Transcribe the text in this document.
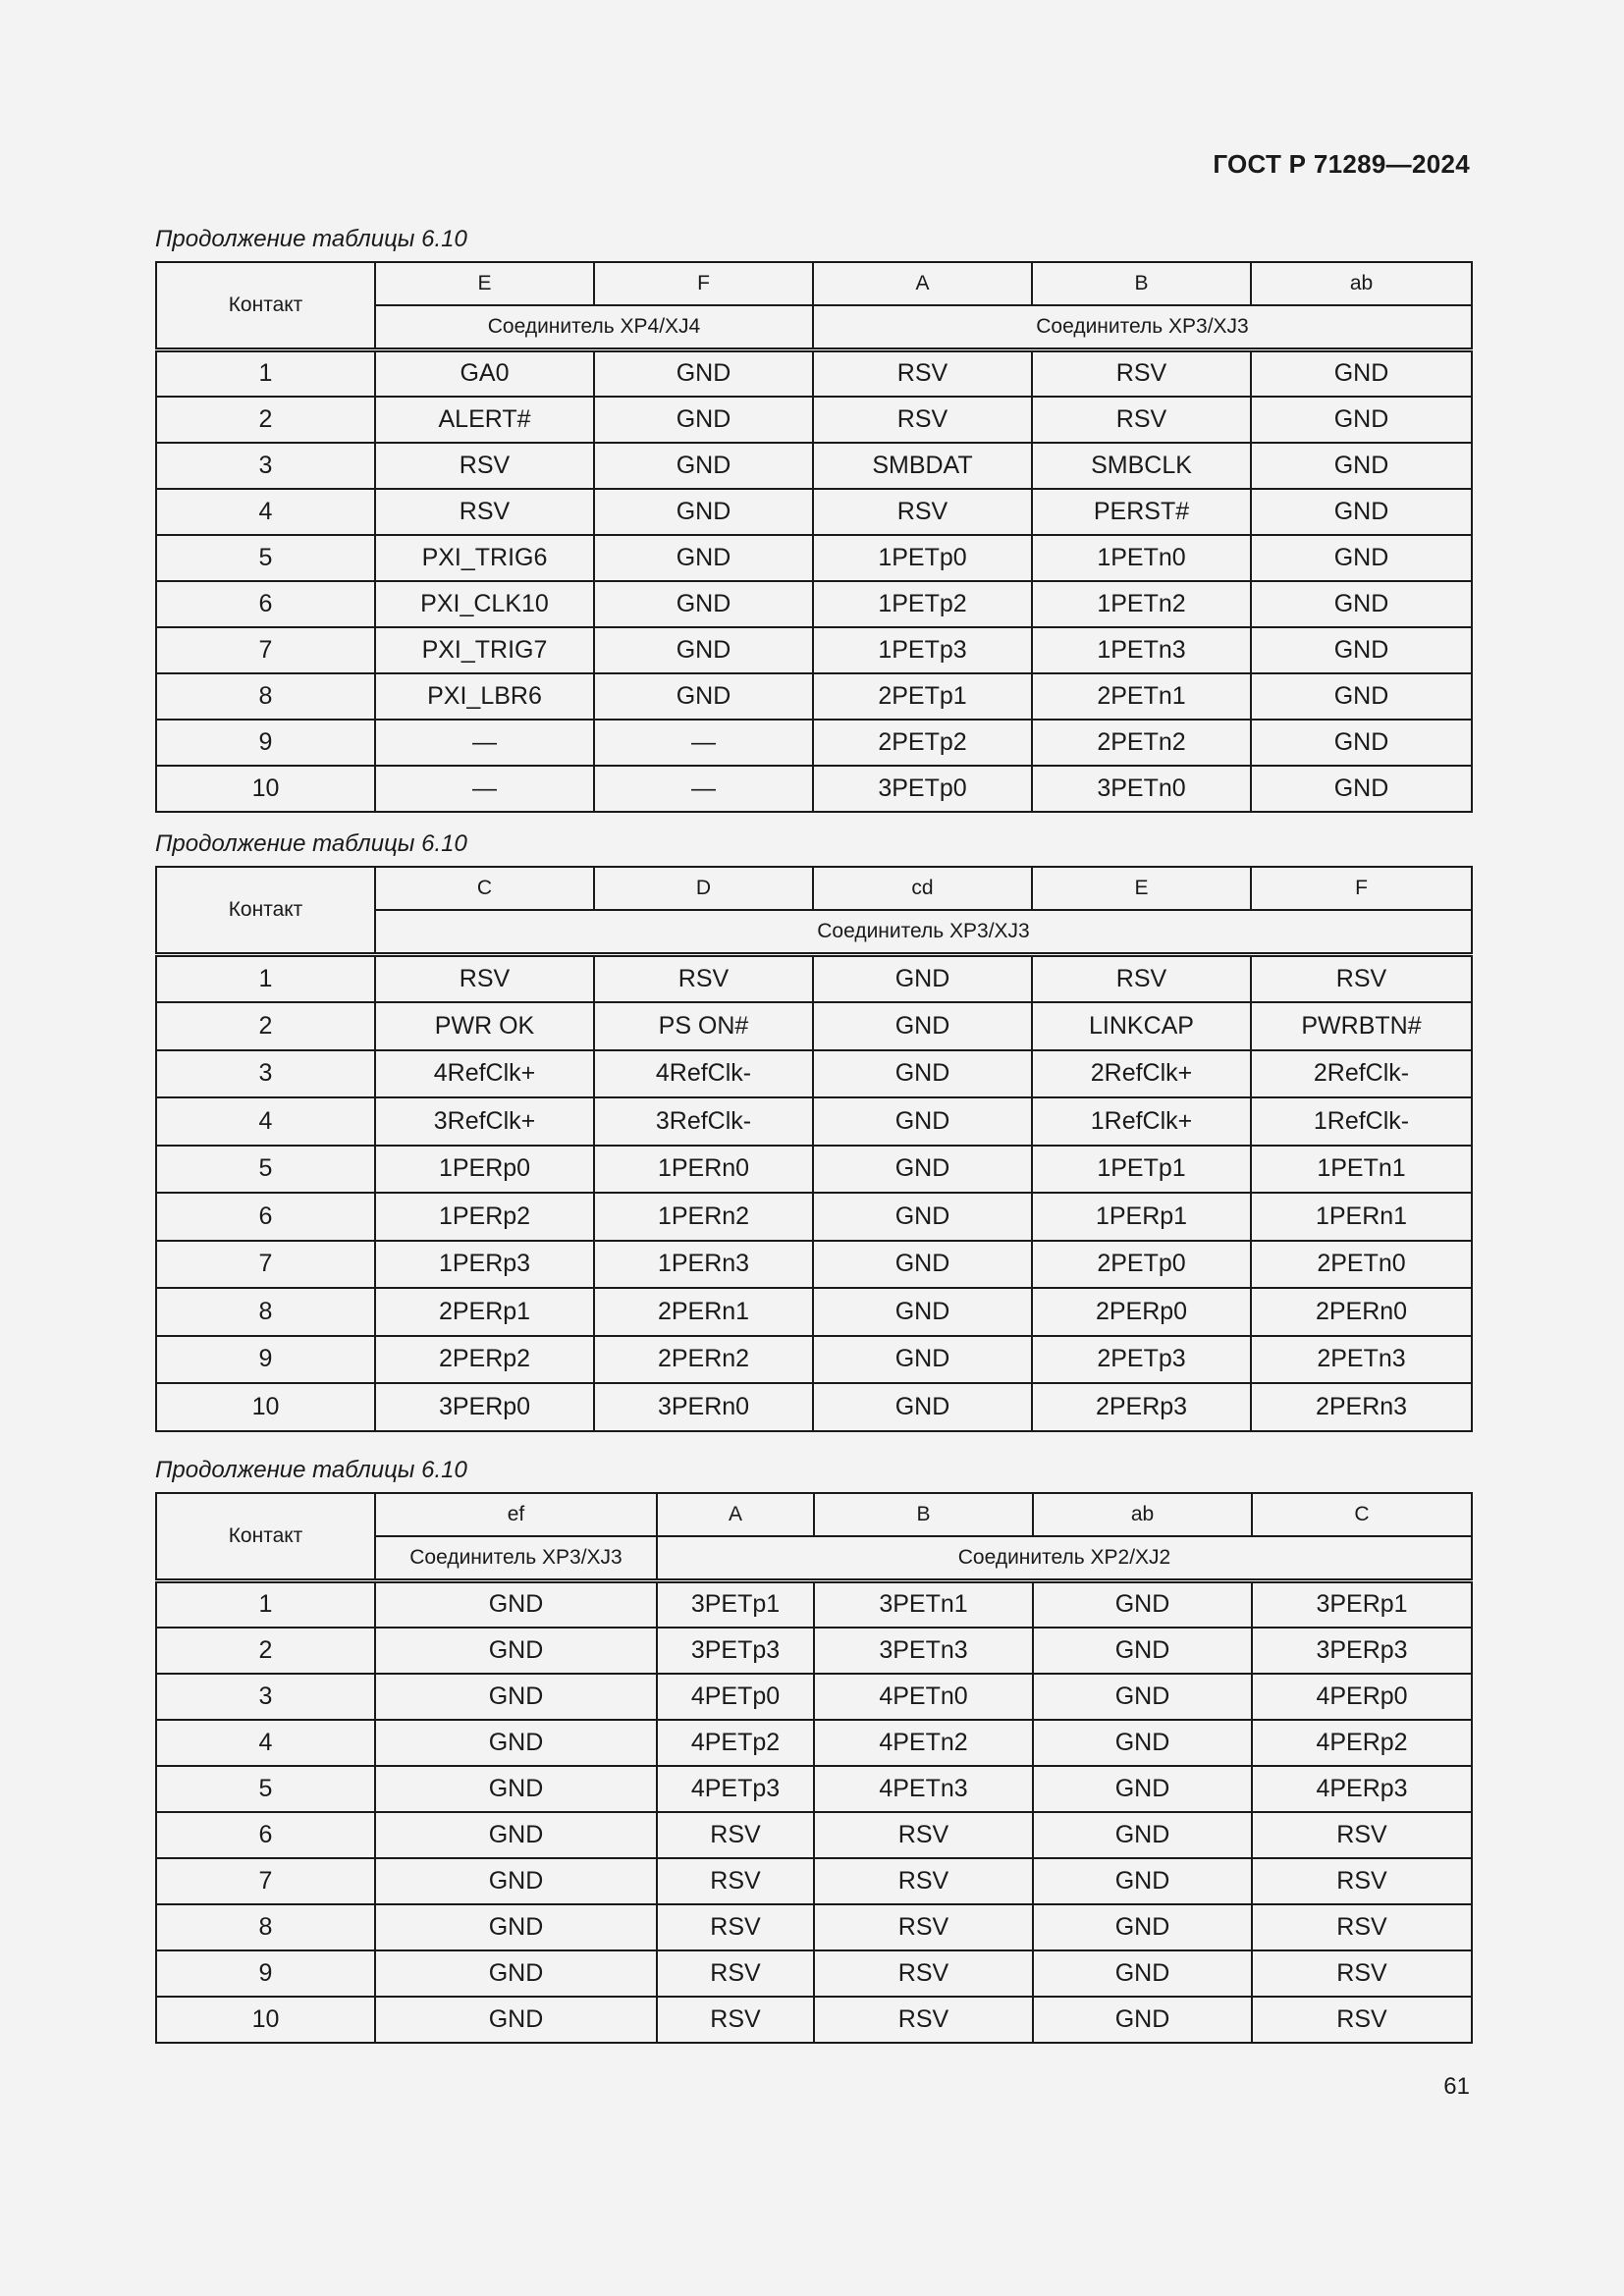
ГОСТ Р 71289—2024
Продолжение таблицы 6.10
Контакт	E	F	A	B	ab
	Соединитель XP4/XJ4		Соединитель XP3/XJ3		
1	GA0	GND	RSV	RSV	GND
2	ALERT#	GND	RSV	RSV	GND
3	RSV	GND	SMBDAT	SMBCLK	GND
4	RSV	GND	RSV	PERST#	GND
5	PXI_TRIG6	GND	1PETp0	1PETn0	GND
6	PXI_CLK10	GND	1PETp2	1PETn2	GND
7	PXI_TRIG7	GND	1PETp3	1PETn3	GND
8	PXI_LBR6	GND	2PETp1	2PETn1	GND
9	—	—	2PETp2	2PETn2	GND
10	—	—	3PETp0	3PETn0	GND
Продолжение таблицы 6.10
Контакт	C	D	cd	E	F
	Соединитель XP3/XJ3				
1	RSV	RSV	GND	RSV	RSV
2	PWR OK	PS ON#	GND	LINKCAP	PWRBTN#
3	4RefClk+	4RefClk-	GND	2RefClk+	2RefClk-
4	3RefClk+	3RefClk-	GND	1RefClk+	1RefClk-
5	1PERp0	1PERn0	GND	1PETp1	1PETn1
6	1PERp2	1PERn2	GND	1PERp1	1PERn1
7	1PERp3	1PERn3	GND	2PETp0	2PETn0
8	2PERp1	2PERn1	GND	2PERp0	2PERn0
9	2PERp2	2PERn2	GND	2PETp3	2PETn3
10	3PERp0	3PERn0	GND	2PERp3	2PERn3
Продолжение таблицы 6.10
Контакт	ef	A	B	ab	C
	Соединитель XP3/XJ3	Соединитель XP2/XJ2			
1	GND	3PETp1	3PETn1	GND	3PERp1
2	GND	3PETp3	3PETn3	GND	3PERp3
3	GND	4PETp0	4PETn0	GND	4PERp0
4	GND	4PETp2	4PETn2	GND	4PERp2
5	GND	4PETp3	4PETn3	GND	4PERp3
6	GND	RSV	RSV	GND	RSV
7	GND	RSV	RSV	GND	RSV
8	GND	RSV	RSV	GND	RSV
9	GND	RSV	RSV	GND	RSV
10	GND	RSV	RSV	GND	RSV
61
